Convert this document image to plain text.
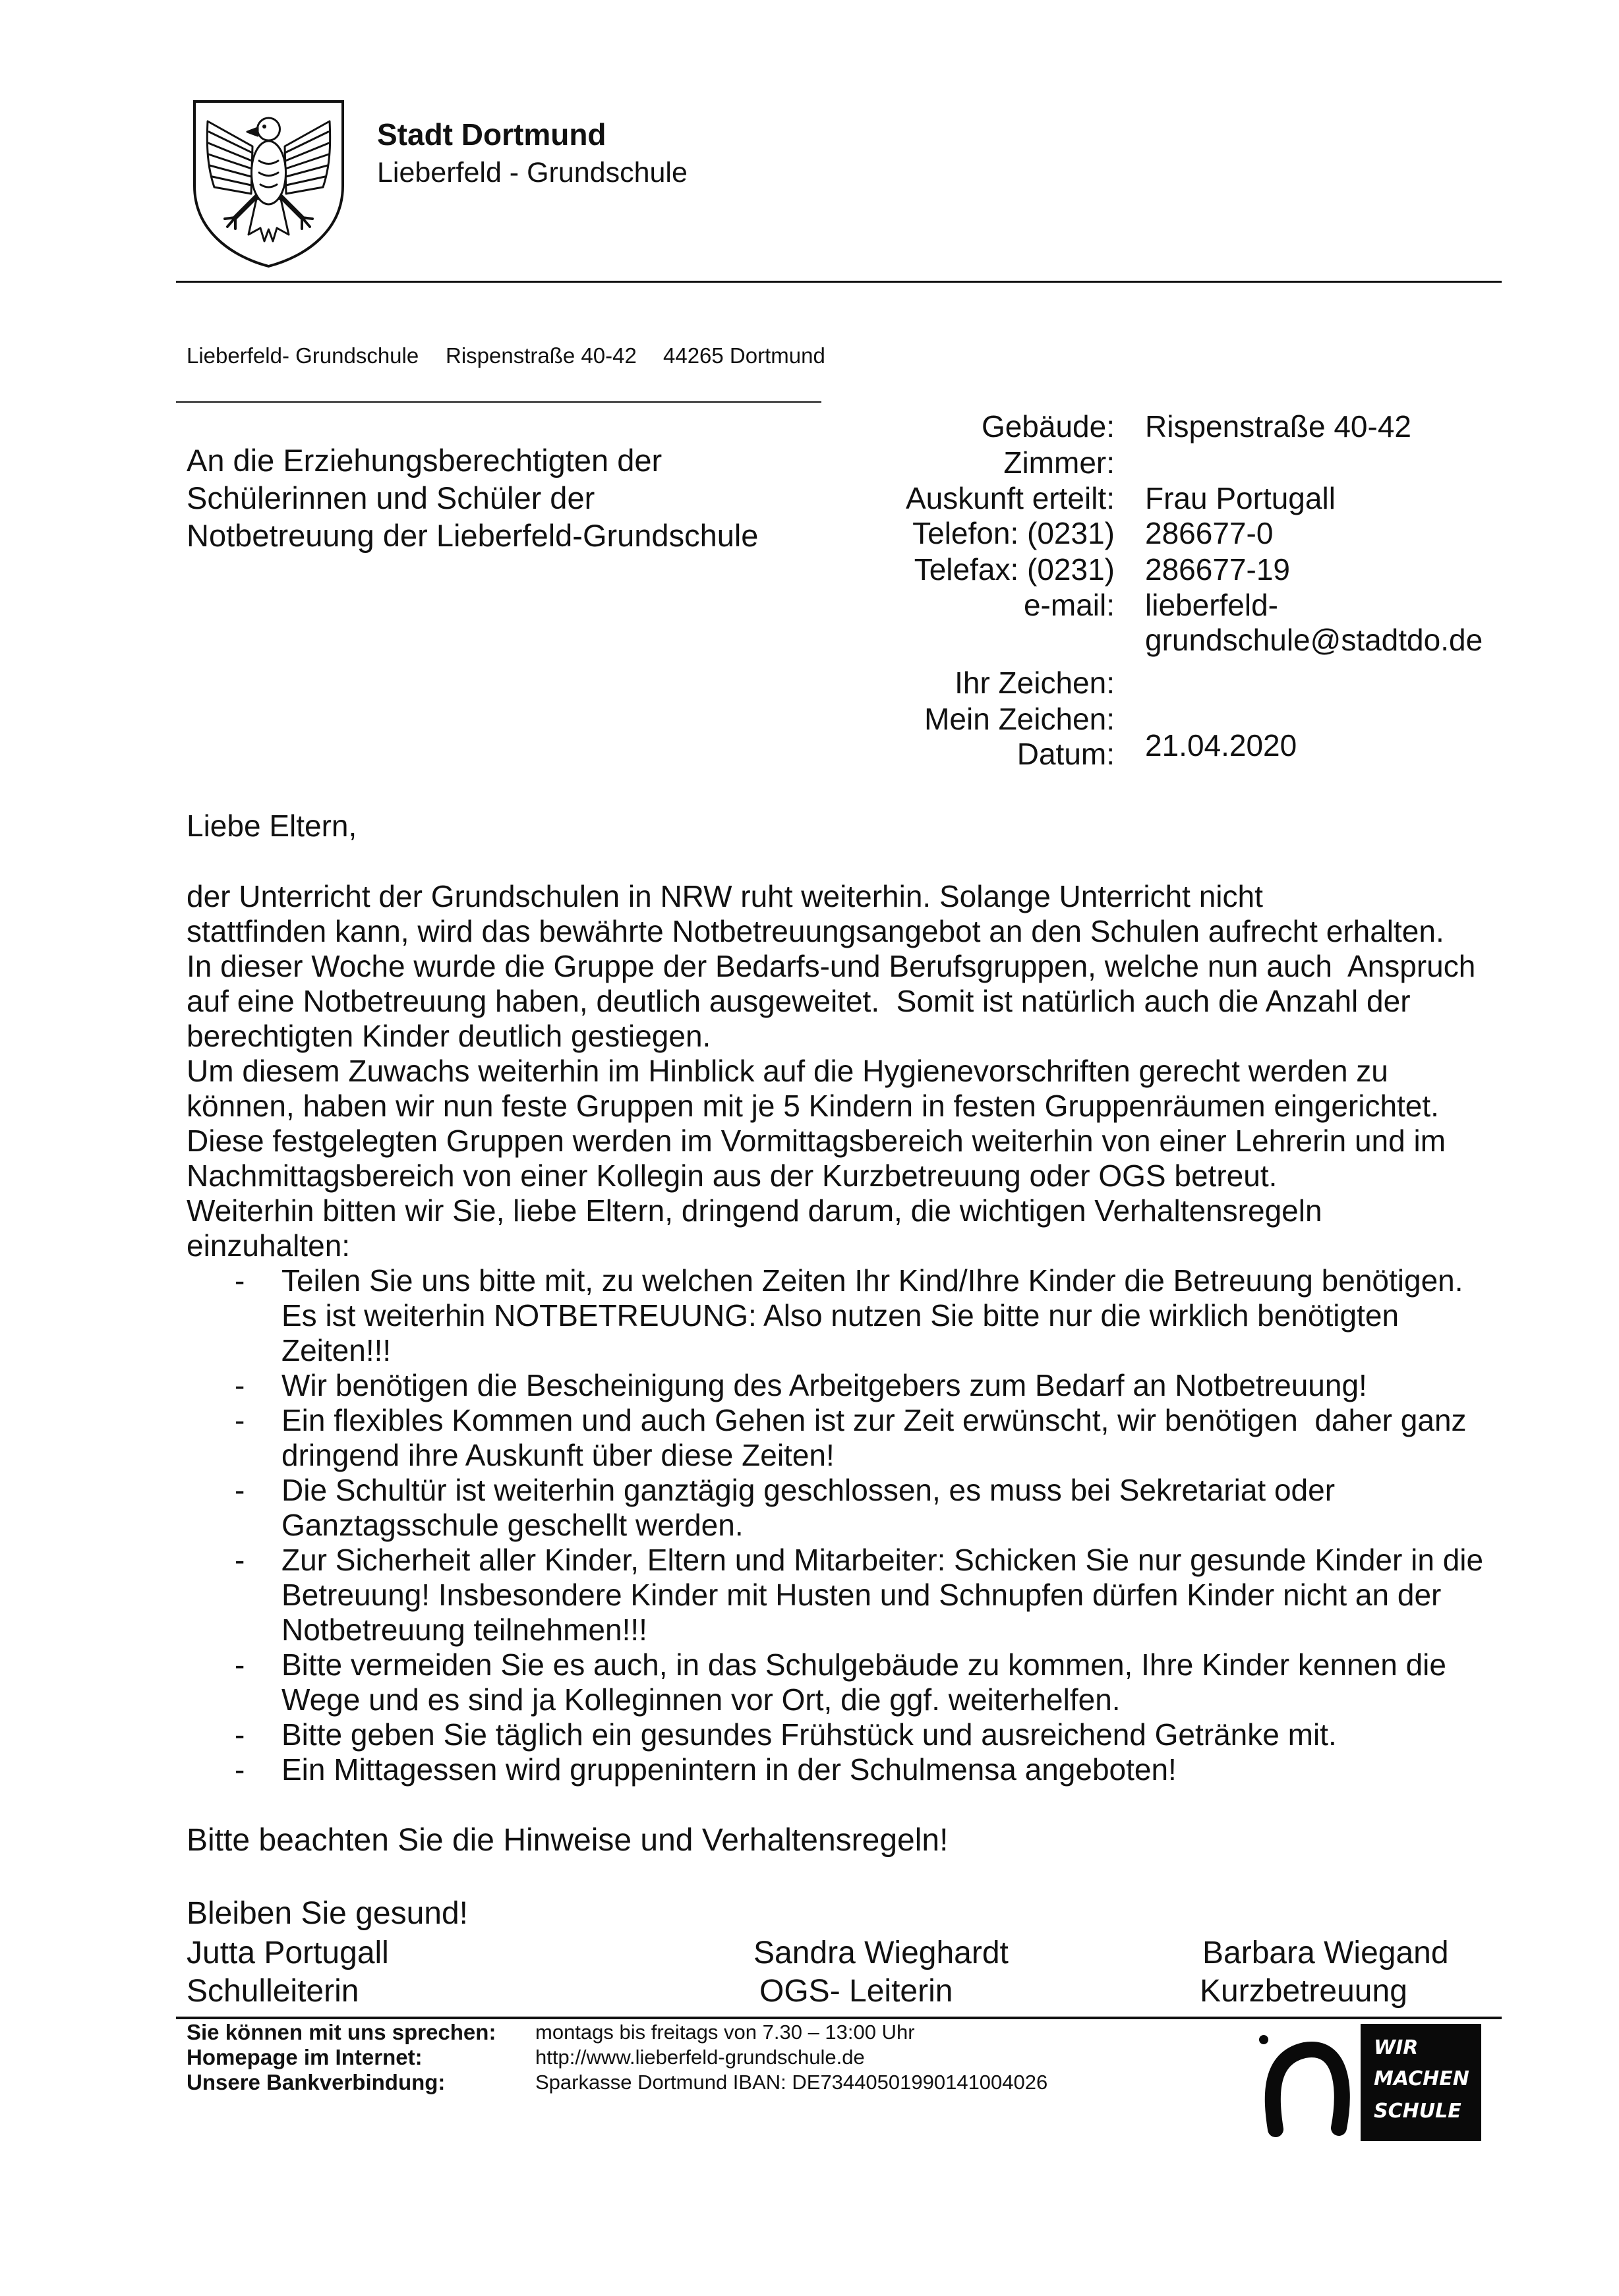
Stadt Dortmund
Lieberfeld - Grundschule
Lieberfeld- Grundschule Rispenstraße 40-42 44265 Dortmund
An die Erziehungsberechtigten der
Schülerinnen und Schüler der
Notbetreuung der Lieberfeld-Grundschule
Gebäude: Rispenstraße 40-42
Zimmer:
Auskunft erteilt: Frau Portugall
Telefon: (0231) 286677-0
Telefax: (0231) 286677-19
e-mail: lieberfeld-
grundschule@stadtdo.de
Ihr Zeichen:
Mein Zeichen:
Datum: 21.04.2020
Liebe Eltern,
der Unterricht der Grundschulen in NRW ruht weiterhin. Solange Unterricht nicht
stattfinden kann, wird das bewährte Notbetreuungsangebot an den Schulen aufrecht erhalten.
In dieser Woche wurde die Gruppe der Bedarfs-und Berufsgruppen, welche nun auch  Anspruch
auf eine Notbetreuung haben, deutlich ausgeweitet.  Somit ist natürlich auch die Anzahl der
berechtigten Kinder deutlich gestiegen.
Um diesem Zuwachs weiterhin im Hinblick auf die Hygienevorschriften gerecht werden zu
können, haben wir nun feste Gruppen mit je 5 Kindern in festen Gruppenräumen eingerichtet.
Diese festgelegten Gruppen werden im Vormittagsbereich weiterhin von einer Lehrerin und im
Nachmittagsbereich von einer Kollegin aus der Kurzbetreuung oder OGS betreut.
Weiterhin bitten wir Sie, liebe Eltern, dringend darum, die wichtigen Verhaltensregeln
einzuhalten:
- Teilen Sie uns bitte mit, zu welchen Zeiten Ihr Kind/Ihre Kinder die Betreuung benötigen.
Es ist weiterhin NOTBETREUUNG: Also nutzen Sie bitte nur die wirklich benötigten
Zeiten!!!
- Wir benötigen die Bescheinigung des Arbeitgebers zum Bedarf an Notbetreuung!
- Ein flexibles Kommen und auch Gehen ist zur Zeit erwünscht, wir benötigen  daher ganz
dringend ihre Auskunft über diese Zeiten!
- Die Schultür ist weiterhin ganztägig geschlossen, es muss bei Sekretariat oder
Ganztagsschule geschellt werden.
- Zur Sicherheit aller Kinder, Eltern und Mitarbeiter: Schicken Sie nur gesunde Kinder in die
Betreuung! Insbesondere Kinder mit Husten und Schnupfen dürfen Kinder nicht an der
Notbetreuung teilnehmen!!!
- Bitte vermeiden Sie es auch, in das Schulgebäude zu kommen, Ihre Kinder kennen die
Wege und es sind ja Kolleginnen vor Ort, die ggf. weiterhelfen.
- Bitte geben Sie täglich ein gesundes Frühstück und ausreichend Getränke mit.
- Ein Mittagessen wird gruppenintern in der Schulmensa angeboten!
Bitte beachten Sie die Hinweise und Verhaltensregeln!
Bleiben Sie gesund!
Jutta Portugall
Schulleiterin
Sandra Wieghardt
OGS- Leiterin
Barbara Wiegand
Kurzbetreuung
Sie können mit uns sprechen: montags bis freitags von 7.30 – 13:00 Uhr
Homepage im Internet:	http://www.lieberfeld-grundschule.de
Unsere Bankverbindung:	Sparkasse Dortmund IBAN: DE73440501990141004026
WIR
MACHEN
SCHULE
